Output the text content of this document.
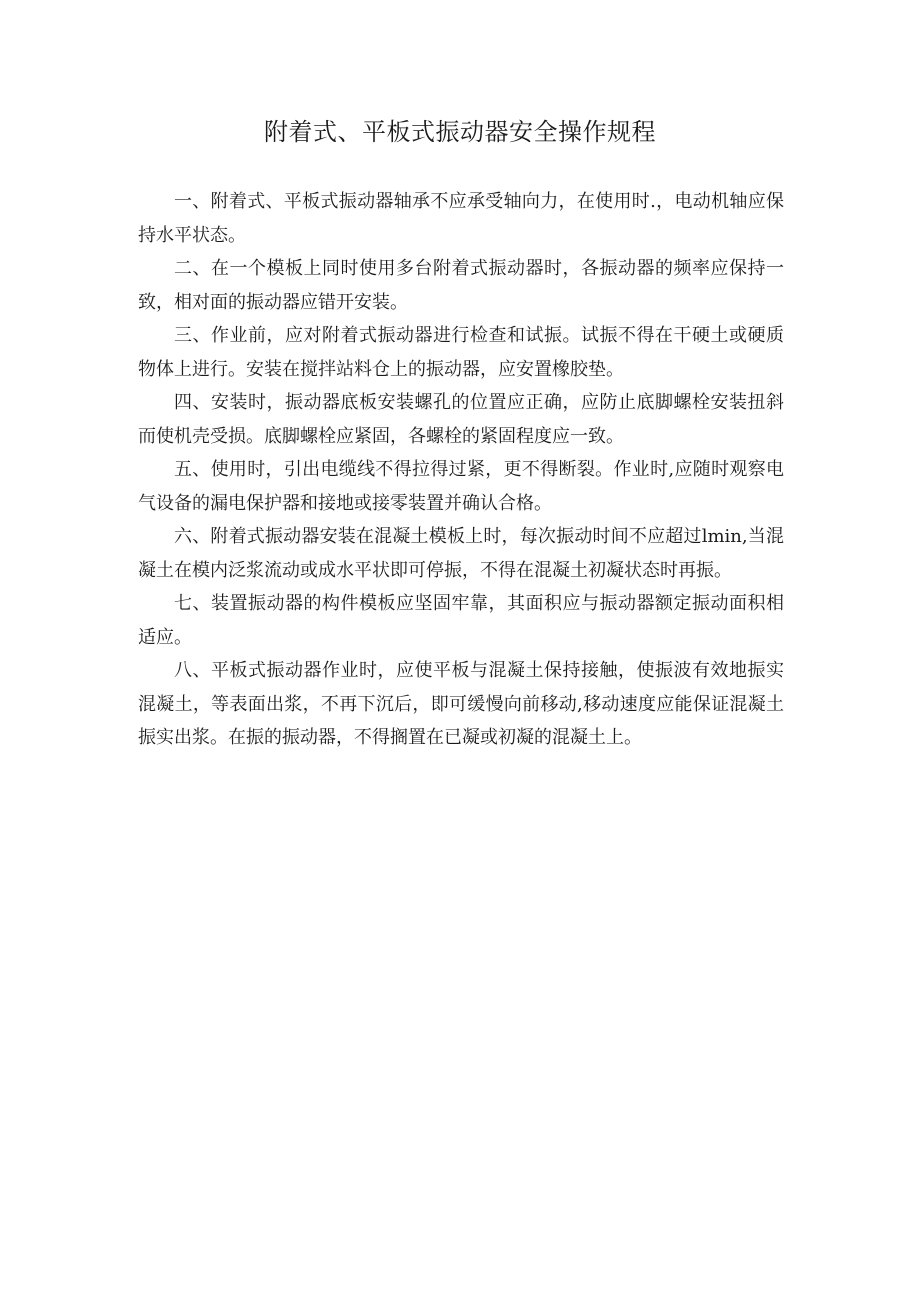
附着式、平板式振动器安全操作规程

一、附着式、平板式振动器轴承不应承受轴向力，在使用时.，电动机轴应保持水平状态。

二、在一个模板上同时使用多台附着式振动器时，各振动器的频率应保持一致，相对面的振动器应错开安装。

三、作业前，应对附着式振动器进行检查和试振。试振不得在干硬土或硬质物体上进行。安装在搅拌站料仓上的振动器，应安置橡胶垫。

四、安装时，振动器底板安装螺孔的位置应正确，应防止底脚螺栓安装扭斜而使机壳受损。底脚螺栓应紧固，各螺栓的紧固程度应一致。

五、使用时，引出电缆线不得拉得过紧，更不得断裂。作业时,应随时观察电气设备的漏电保护器和接地或接零装置并确认合格。

六、附着式振动器安装在混凝土模板上时，每次振动时间不应超过lmin,当混凝土在模内泛浆流动或成水平状即可停振，不得在混凝土初凝状态时再振。

七、装置振动器的构件模板应坚固牢靠，其面积应与振动器额定振动面积相适应。

八、平板式振动器作业时，应使平板与混凝土保持接触，使振波有效地振实混凝土，等表面出浆，不再下沉后，即可缓慢向前移动,移动速度应能保证混凝土振实出浆。在振的振动器，不得搁置在已凝或初凝的混凝土上。
